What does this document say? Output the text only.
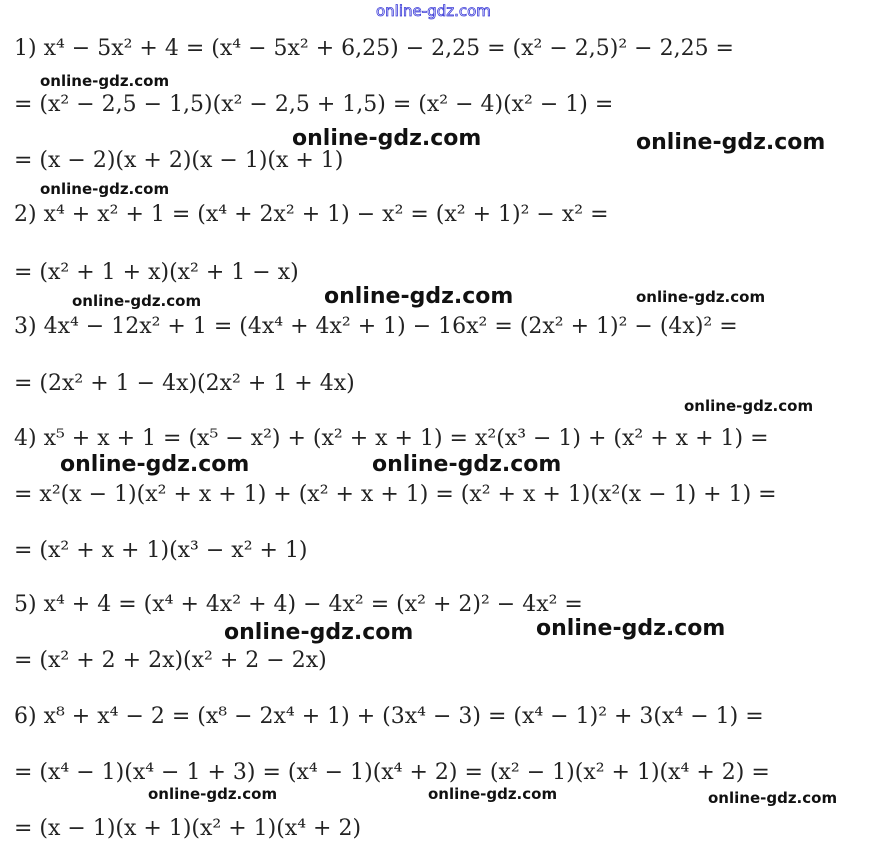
online-gdz.com
1) x⁴ − 5x² + 4 = (x⁴ − 5x² + 6,25) − 2,25 = (x² − 2,5)² − 2,25 =
= (x² − 2,5 − 1,5)(x² − 2,5 + 1,5) = (x² − 4)(x² − 1) =
= (x − 2)(x + 2)(x − 1)(x + 1)
2) x⁴ + x² + 1 = (x⁴ + 2x² + 1) − x² = (x² + 1)² − x² =
= (x² + 1 + x)(x² + 1 − x)
3) 4x⁴ − 12x² + 1 = (4x⁴ + 4x² + 1) − 16x² = (2x² + 1)² − (4x)² =
= (2x² + 1 − 4x)(2x² + 1 + 4x)
4) x⁵ + x + 1 = (x⁵ − x²) + (x² + x + 1) = x²(x³ − 1) + (x² + x + 1) =
= x²(x − 1)(x² + x + 1) + (x² + x + 1) = (x² + x + 1)(x²(x − 1) + 1) =
= (x² + x + 1)(x³ − x² + 1)
5) x⁴ + 4 = (x⁴ + 4x² + 4) − 4x² = (x² + 2)² − 4x² =
= (x² + 2 + 2x)(x² + 2 − 2x)
6) x⁸ + x⁴ − 2 = (x⁸ − 2x⁴ + 1) + (3x⁴ − 3) = (x⁴ − 1)² + 3(x⁴ − 1) =
= (x⁴ − 1)(x⁴ − 1 + 3) = (x⁴ − 1)(x⁴ + 2) = (x² − 1)(x² + 1)(x⁴ + 2) =
= (x − 1)(x + 1)(x² + 1)(x⁴ + 2)
online-gdz.com
online-gdz.com	online-gdz.com
online-gdz.com
online-gdz.com	online-gdz.com	online-gdz.com
online-gdz.com
online-gdz.com	online-gdz.com
online-gdz.com	online-gdz.com
online-gdz.com	online-gdz.com	online-gdz.com
